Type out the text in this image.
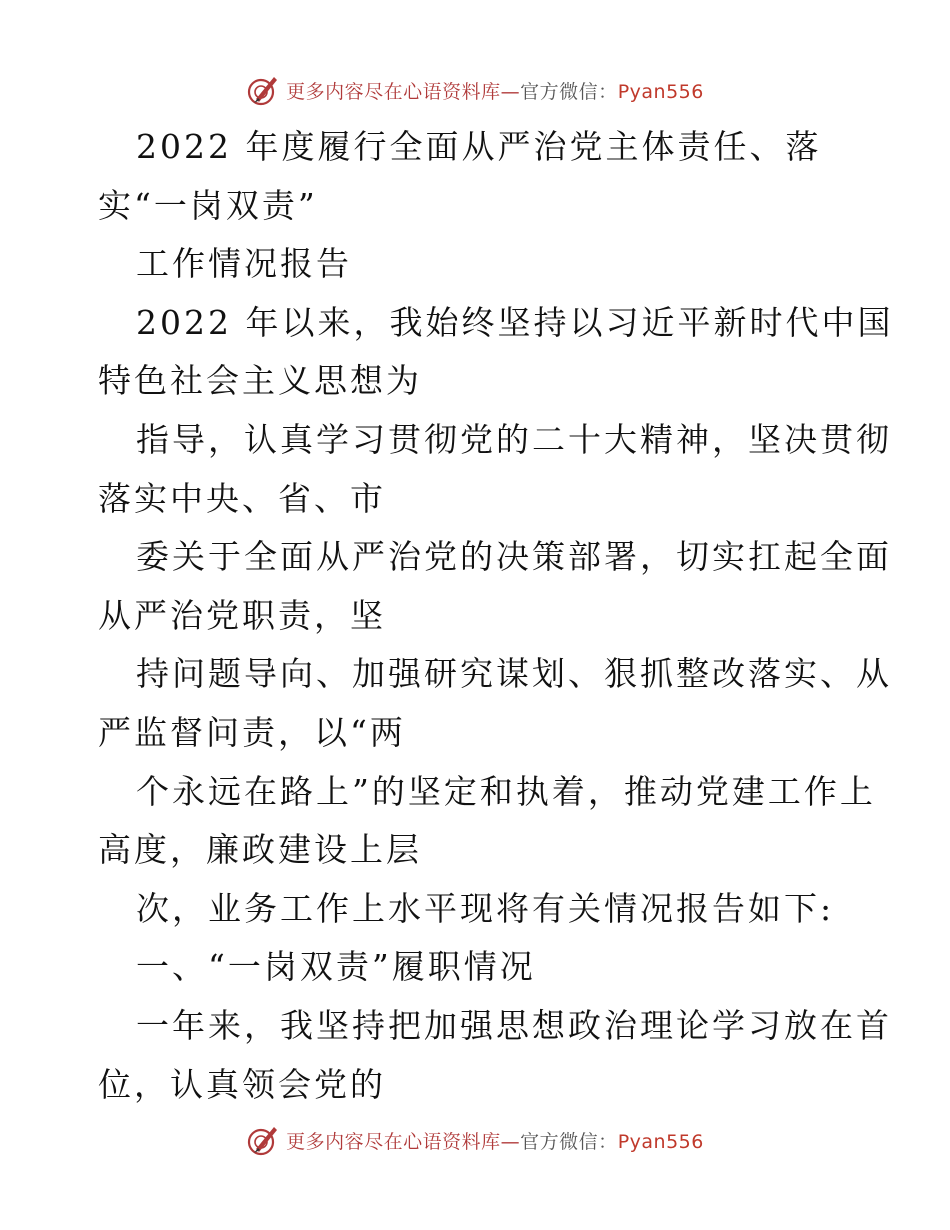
更多内容尽在心语资料库—官方微信：Pyan556
2022 年度履行全面从严治党主体责任、落
实“一岗双责”
工作情况报告
2022 年以来，我始终坚持以习近平新时代中国
特色社会主义思想为
指导，认真学习贯彻党的二十大精神，坚决贯彻
落实中央、省、市
委关于全面从严治党的决策部署，切实扛起全面
从严治党职责，坚
持问题导向、加强研究谋划、狠抓整改落实、从
严监督问责，以“两
个永远在路上”的坚定和执着，推动党建工作上
高度，廉政建设上层
次，业务工作上水平现将有关情况报告如下:
一、“一岗双责”履职情况
一年来，我坚持把加强思想政治理论学习放在首
位，认真领会党的
更多内容尽在心语资料库—官方微信：Pyan556
